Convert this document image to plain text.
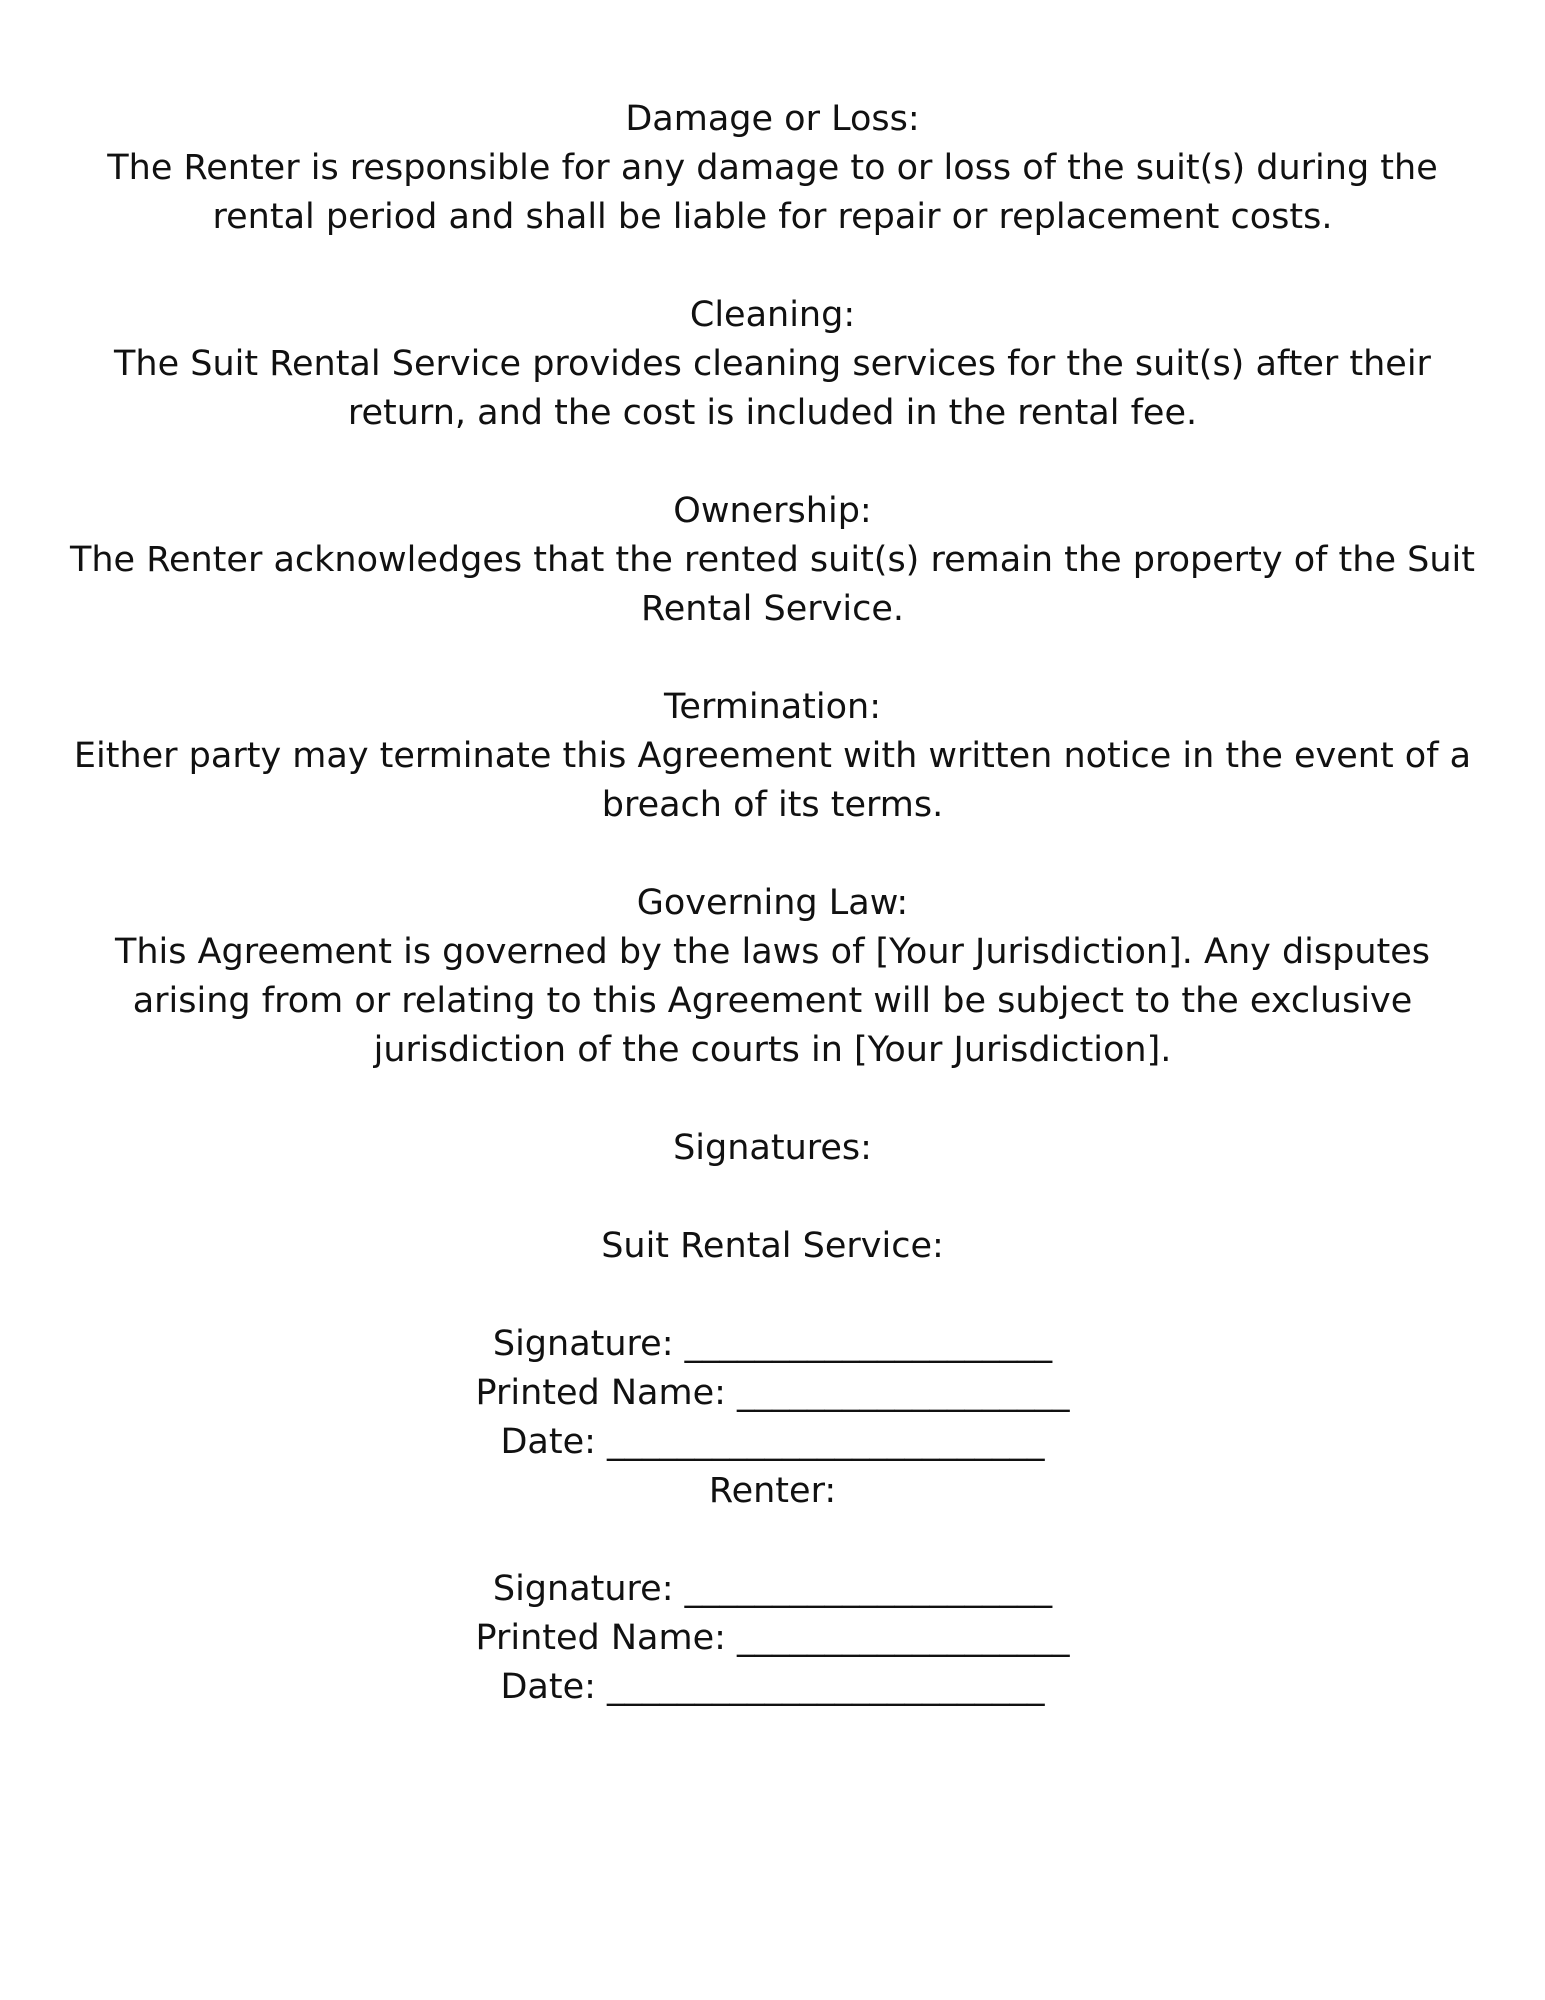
Damage or Loss:

The Renter is responsible for any damage to or loss of the suit(s) during the rental period and shall be liable for repair or replacement costs.

Cleaning:

The Suit Rental Service provides cleaning services for the suit(s) after their return, and the cost is included in the rental fee.

Ownership:

The Renter acknowledges that the rented suit(s) remain the property of the Suit Rental Service.

Termination:

Either party may terminate this Agreement with written notice in the event of a breach of its terms.

Governing Law:

This Agreement is governed by the laws of [Your Jurisdiction]. Any disputes arising from or relating to this Agreement will be subject to the exclusive jurisdiction of the courts in [Your Jurisdiction].

Signatures:

Suit Rental Service:

Signature: _____________________

Printed Name: ___________________

Date: _________________________

Renter:

Signature: _____________________

Printed Name: ___________________

Date: _________________________
